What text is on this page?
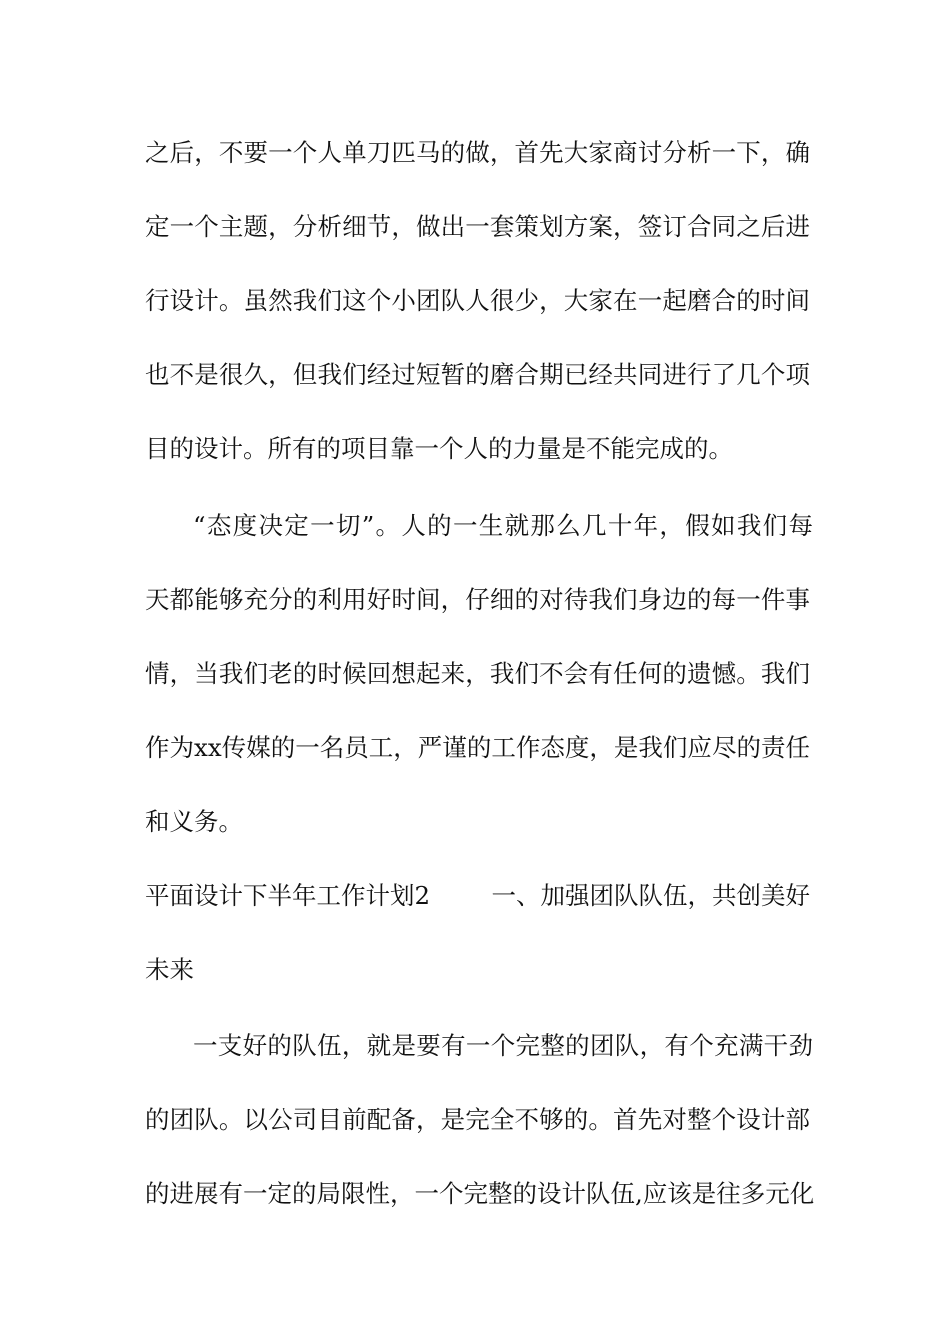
之后，不要一个人单刀匹马的做，首先大家商讨分析一下，确
定一个主题，分析细节，做出一套策划方案，签订合同之后进
行设计。虽然我们这个小团队人很少，大家在一起磨合的时间
也不是很久，但我们经过短暂的磨合期已经共同进行了几个项
目的设计。所有的项目靠一个人的力量是不能完成的。
“态度决定一切”。人的一生就那么几十年，假如我们每
天都能够充分的利用好时间，仔细的对待我们身边的每一件事
情，当我们老的时候回想起来，我们不会有任何的遗憾。我们
作为xx传媒的一名员工，严谨的工作态度，是我们应尽的责任
和义务。
平面设计下半年工作计划2	一、加强团队队伍，共创美好
未来
一支好的队伍，就是要有一个完整的团队，有个充满干劲
的团队。以公司目前配备，是完全不够的。首先对整个设计部
的进展有一定的局限性，一个完整的设计队伍,应该是往多元化
